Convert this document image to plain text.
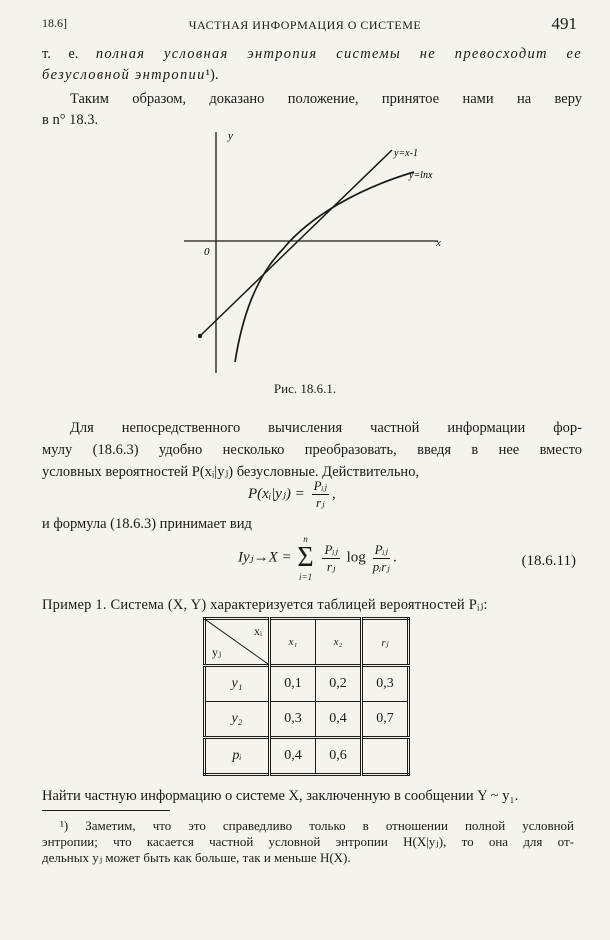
18.6]	ЧАСТНАЯ ИНФОРМАЦИЯ О СИСТЕМЕ	491
т. е. полная условная энтропия системы не превосходит ее
безусловной энтропии¹).
Таким образом, доказано положение, принятое нами на веру
в n° 18.3.
y
x
0
y=x-1
y=lnx
Рис. 18.6.1.
Для непосредственного вычисления частной информации фор-
мулу (18.6.3) удобно несколько преобразовать, введя в нее вместо
условных вероятностей P(xᵢ|yⱼ) безусловные. Действительно,
P(xᵢ|yⱼ) = $\frac{\text{Pᵢⱼ}}{\text{rⱼ}}$ ,
и формула (18.6.3) принимает вид
Iyⱼ→X =
n
Σ
i=1

$\frac{\text{Pᵢⱼ}}{\text{rⱼ}}$ $\log \frac{\text{Pᵢⱼ}}{\text{pᵢrⱼ}}$ .	(18.6.11)
Пример 1. Система (X, Y) характеризуется таблицей вероятностей Pᵢⱼ:
xᵢ
yⱼ	x₁	x₂	rⱼ
y₁	0,1	0,2	0,3
y₂	0,3	0,4	0,7
pᵢ	0,4	0,6	
Найти частную информацию о системе X, заключенную в сообщении Y ~ y₁.
¹) Заметим, что это справедливо только в отношении полной условной
энтропии; что касается частной условной энтропии H(X|yⱼ), то она для от-
дельных yⱼ может быть как больше, так и меньше H(X).
